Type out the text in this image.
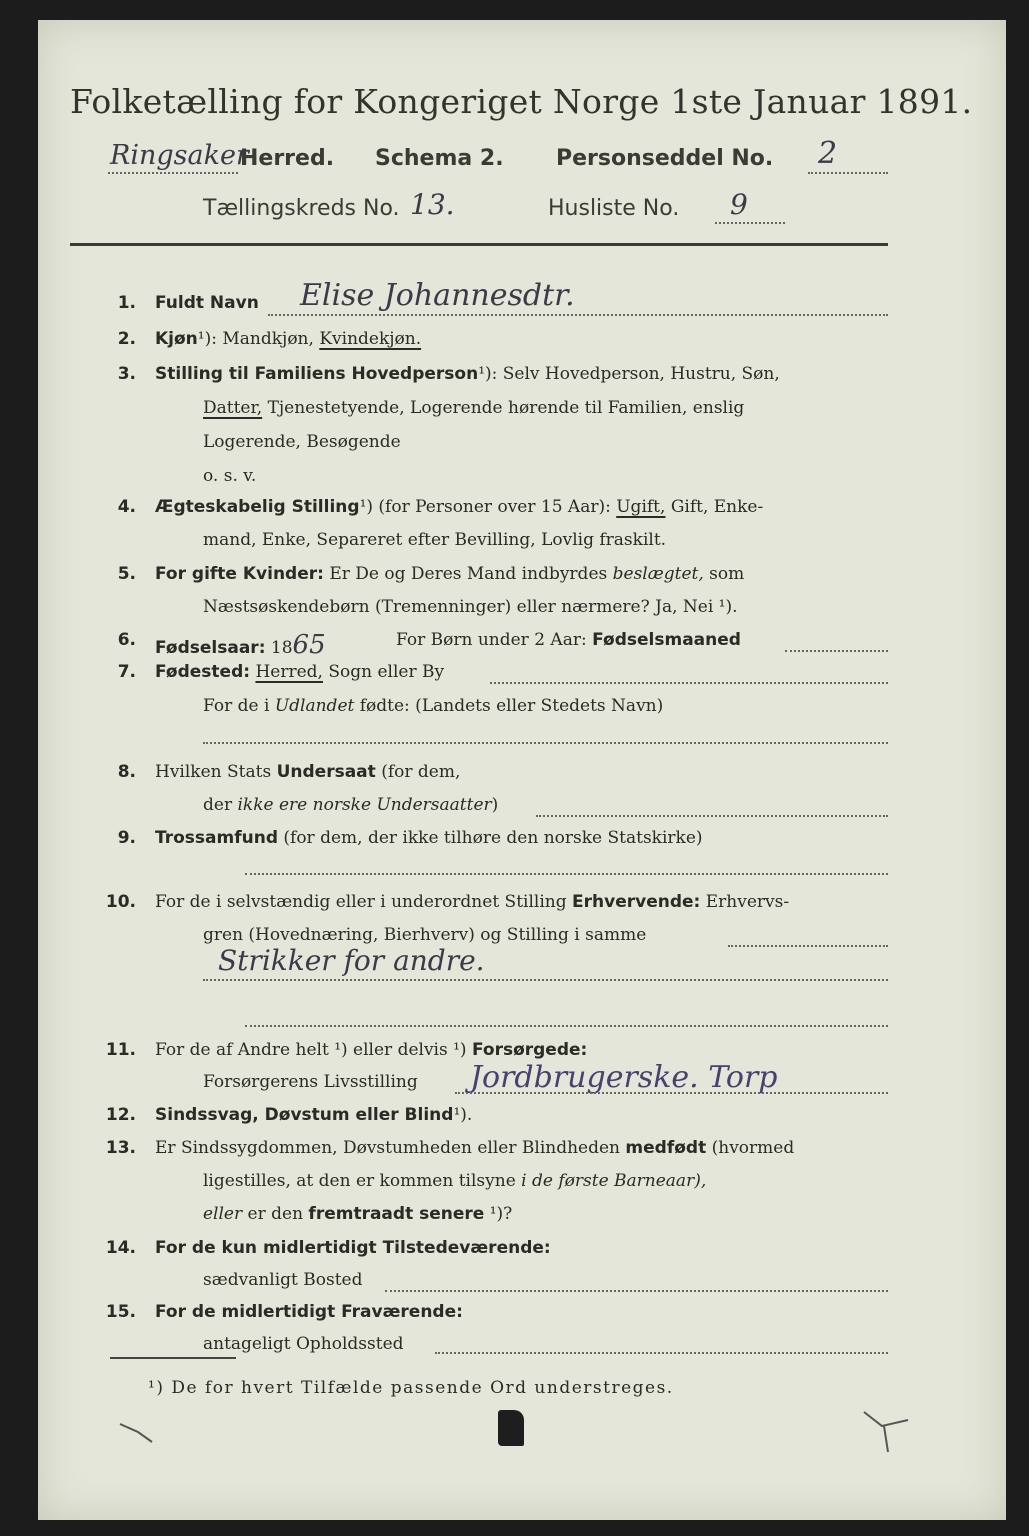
Folketælling for Kongeriget Norge 1ste Januar 1891.
Ringsaker
Herred. Schema 2. Personseddel No. 2
Tællingskreds No. 13.	Husliste No. 9
1. Fuldt Navn Elise Johannesdtr.
2. Kjøn¹): Mandkjøn, Kvindekjøn.
3. Stilling til Familiens Hovedperson¹): Selv Hovedperson, Hustru, Søn,
Datter, Tjenestetyende, Logerende hørende til Familien, enslig
Logerende, Besøgende
o. s. v.
4. Ægteskabelig Stilling¹) (for Personer over 15 Aar): Ugift, Gift, Enke-
mand, Enke, Separeret efter Bevilling, Lovlig fraskilt.
5. For gifte Kvinder: Er De og Deres Mand indbyrdes beslægtet, som
Næstsøskendebørn (Tremenninger) eller nærmere? Ja, Nei ¹).
6. Fødselsaar: 1865	For Børn under 2 Aar: Fødselsmaaned
7. Fødested: Herred, Sogn eller By
For de i Udlandet fødte: (Landets eller Stedets Navn)
8. Hvilken Stats Undersaat (for dem,
der ikke ere norske Undersaatter)
9. Trossamfund (for dem, der ikke tilhøre den norske Statskirke)
10. For de i selvstændig eller i underordnet Stilling Erhvervende: Erhvervs-
gren (Hovednæring, Bierhverv) og Stilling i samme
Strikker for andre.
11. For de af Andre helt ¹) eller delvis ¹) Forsørgede:
Forsørgerens Livsstilling Jordbrugerske. Torp
12. Sindssvag, Døvstum eller Blind¹).
13. Er Sindssygdommen, Døvstumheden eller Blindheden medfødt (hvormed
ligestilles, at den er kommen tilsyne i de første Barneaar),
eller er den fremtraadt senere ¹)?
14. For de kun midlertidigt Tilstedeværende:
sædvanligt Bosted
15. For de midlertidigt Fraværende:
antageligt Opholdssted
¹) De for hvert Tilfælde passende Ord understreges.
